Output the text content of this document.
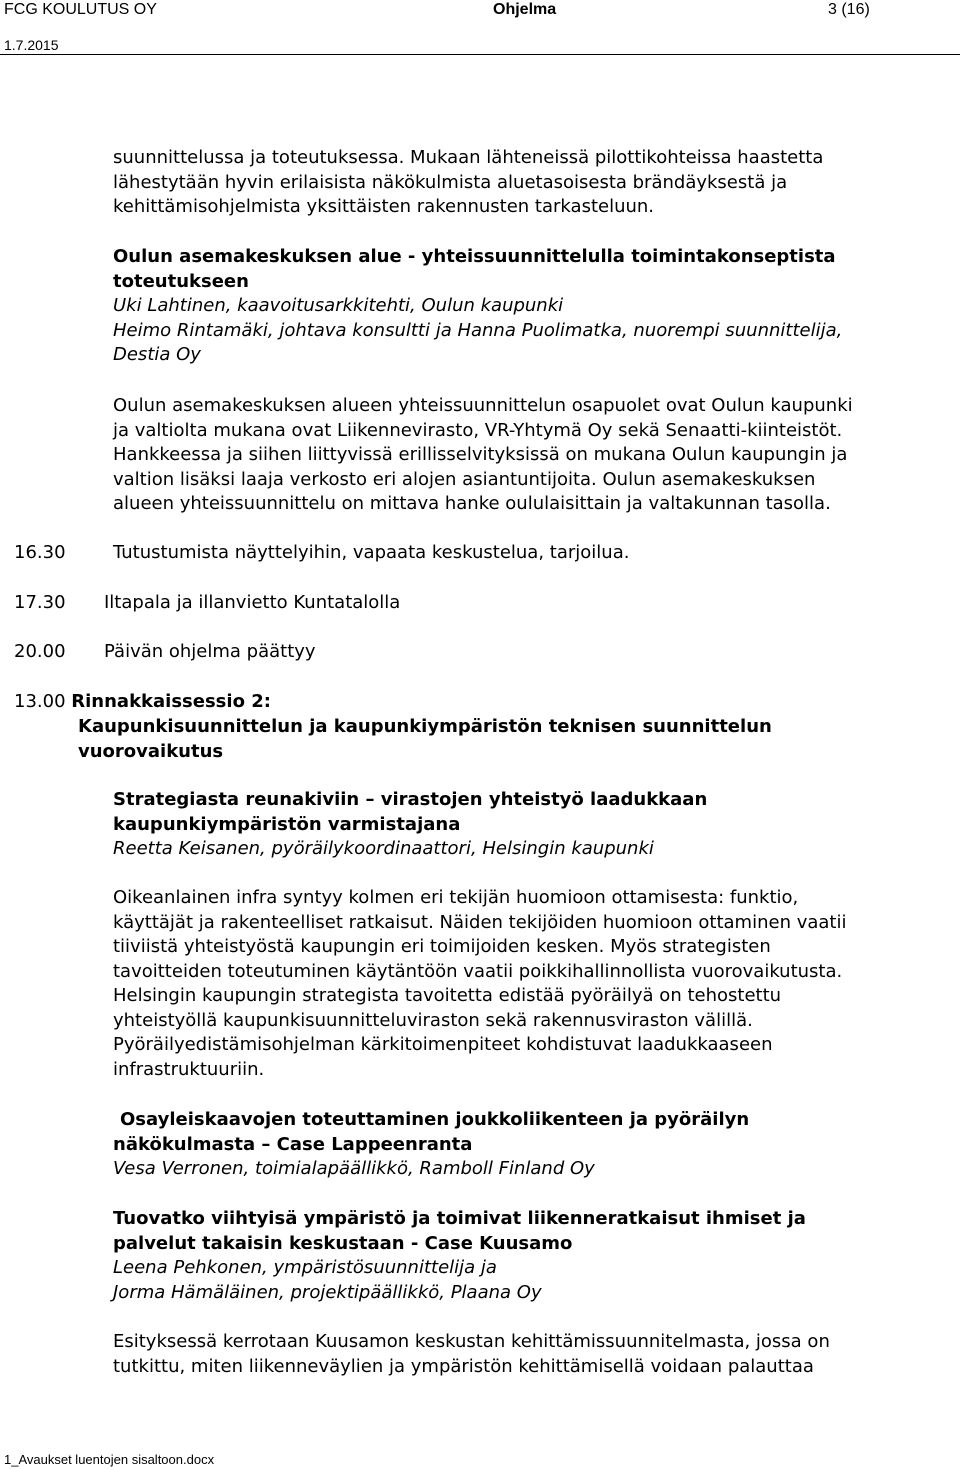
FCG KOULUTUS OY
1.7.2015
Ohjelma	3 (16)
suunnittelussa ja toteutuksessa. Mukaan lähteneissä pilottikohteissa haastetta
lähestytään hyvin erilaisista näkökulmista aluetasoisesta brändäyksestä ja
kehittämisohjelmista yksittäisten rakennusten tarkasteluun.
Oulun asemakeskuksen alue - yhteissuunnittelulla toimintakonseptista
toteutukseen
Uki Lahtinen, kaavoitusarkkitehti, Oulun kaupunki
Heimo Rintamäki, johtava konsultti ja Hanna Puolimatka, nuorempi suunnittelija,
Destia Oy
Oulun asemakeskuksen alueen yhteissuunnittelun osapuolet ovat Oulun kaupunki
ja valtiolta mukana ovat Liikennevirasto, VR-Yhtymä Oy sekä Senaatti-kiinteistöt.
Hankkeessa ja siihen liittyvissä erillisselvityksissä on mukana Oulun kaupungin ja
valtion lisäksi laaja verkosto eri alojen asiantuntijoita. Oulun asemakeskuksen
alueen yhteissuunnittelu on mittava hanke oululaisittain ja valtakunnan tasolla.
16.30	Tutustumista näyttelyihin, vapaata keskustelua, tarjoilua.
17.30 Iltapala ja illanvietto Kuntatalolla
20.00 Päivän ohjelma päättyy
13.00 Rinnakkaissessio 2:
Kaupunkisuunnittelun ja kaupunkiympäristön teknisen suunnittelun
vuorovaikutus
Strategiasta reunakiviin – virastojen yhteistyö laadukkaan
kaupunkiympäristön varmistajana
Reetta Keisanen, pyöräilykoordinaattori, Helsingin kaupunki
Oikeanlainen infra syntyy kolmen eri tekijän huomioon ottamisesta: funktio,
käyttäjät ja rakenteelliset ratkaisut. Näiden tekijöiden huomioon ottaminen vaatii
tiiviistä yhteistyöstä kaupungin eri toimijoiden kesken. Myös strategisten
tavoitteiden toteutuminen käytäntöön vaatii poikkihallinnollista vuorovaikutusta.
Helsingin kaupungin strategista tavoitetta edistää pyöräilyä on tehostettu
yhteistyöllä kaupunkisuunnitteluviraston sekä rakennusviraston välillä.
Pyöräilyedistämisohjelman kärkitoimenpiteet kohdistuvat laadukkaaseen
infrastruktuuriin.
Osayleiskaavojen toteuttaminen joukkoliikenteen ja pyöräilyn
näkökulmasta – Case Lappeenranta
Vesa Verronen, toimialapäällikkö, Ramboll Finland Oy
Tuovatko viihtyisä ympäristö ja toimivat liikenneratkaisut ihmiset ja
palvelut takaisin keskustaan - Case Kuusamo
Leena Pehkonen, ympäristösuunnittelija ja
Jorma Hämäläinen, projektipäällikkö, Plaana Oy
Esityksessä kerrotaan Kuusamon keskustan kehittämissuunnitelmasta, jossa on
tutkittu, miten liikenneväylien ja ympäristön kehittämisellä voidaan palauttaa
1_Avaukset luentojen sisaltoon.docx
